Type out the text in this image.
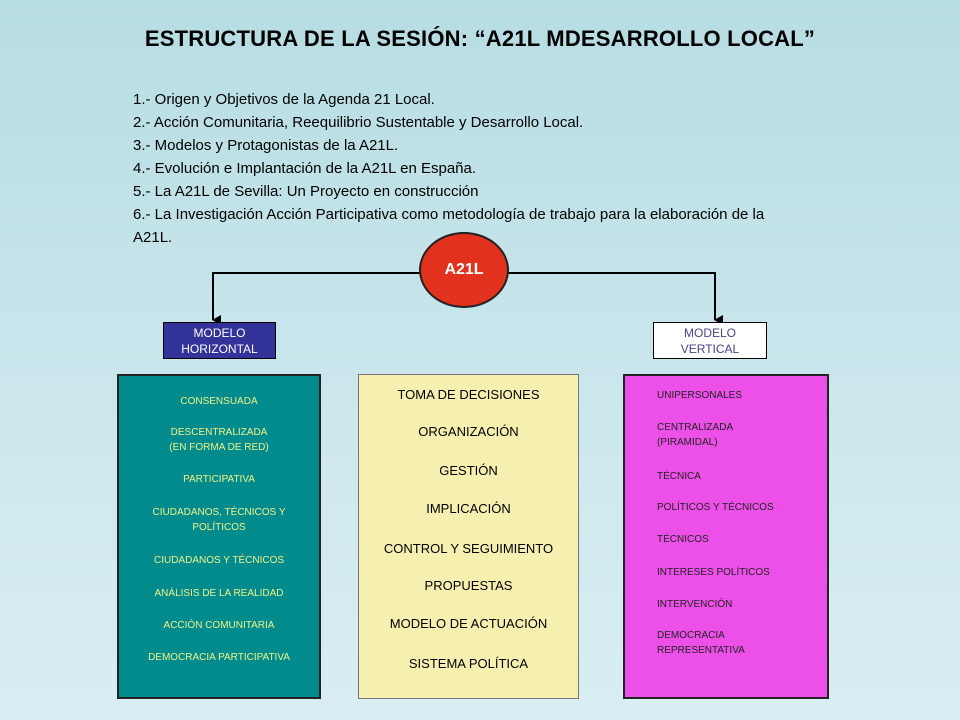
ESTRUCTURA DE LA SESIÓN: “A21L MDESARROLLO LOCAL”
1.- Origen y Objetivos de la Agenda 21 Local.
2.- Acción Comunitaria, Reequilibrio Sustentable y Desarrollo Local.
3.- Modelos y Protagonistas de la A21L.
4.- Evolución e Implantación de la A21L en España.
5.- La A21L de Sevilla: Un Proyecto en construcción
6.- La Investigación Acción Participativa como metodología de trabajo para la elaboración de la A21L.
A21L
MODELO
HORIZONTAL
MODELO
VERTICAL
CONSENSUADA
DESCENTRALIZADA
(EN FORMA DE RED)
PARTICIPATIVA
CIUDADANOS, TÉCNICOS Y
POLÍTICOS
CIUDADANOS Y TÉCNICOS
ANÁLISIS DE LA REALIDAD
ACCIÓN COMUNITARIA
DEMOCRACIA PARTICIPATIVA
TOMA DE DECISIONES
ORGANIZACIÓN
GESTIÓN
IMPLICACIÓN
CONTROL Y SEGUIMIENTO
PROPUESTAS
MODELO DE ACTUACIÓN
SISTEMA POLÍTICA
UNIPERSONALES
CENTRALIZADA
(PIRAMIDAL)
TÉCNICA
POLÍTICOS Y TÉCNICOS
TÉCNICOS
INTERESES POLÍTICOS
INTERVENCIÓN
DEMOCRACIA
REPRESENTATIVA
